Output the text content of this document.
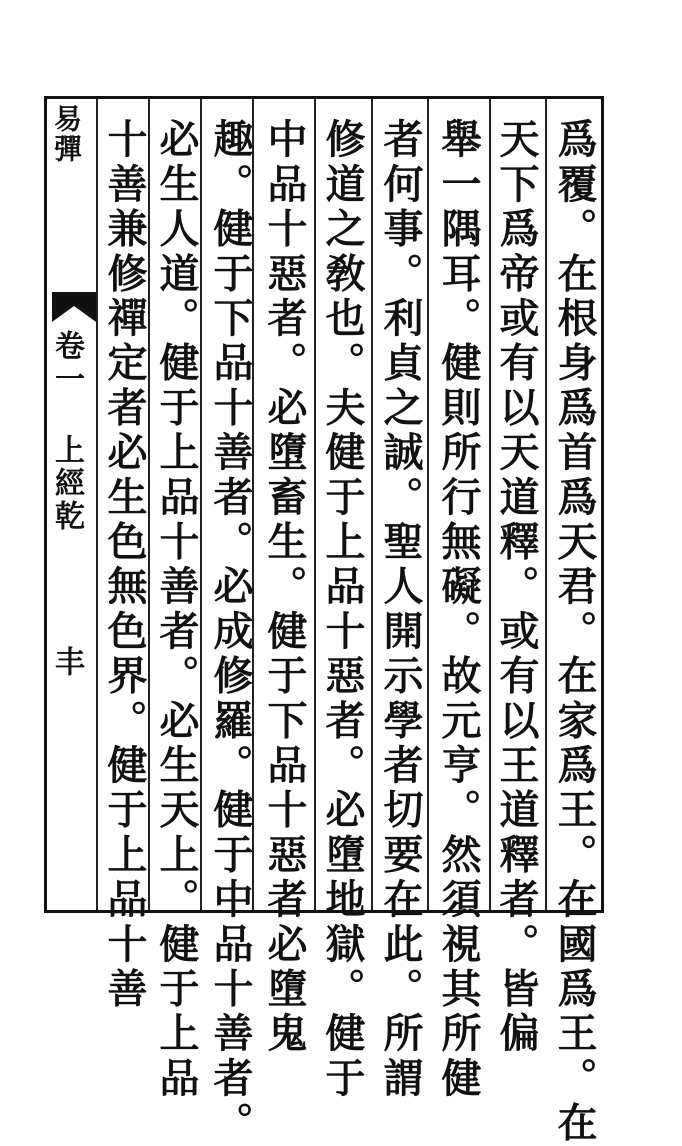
易彈
卷一 上經乾
丰	爲覆。在根身爲首爲天君。在家爲王。在國爲王。在
天下爲帝或有以天道釋。或有以王道釋者。皆偏
舉一隅耳。健則所行無礙。故元亨。然須視其所健
者何事。利貞之誠。聖人開示學者切要在此。所謂
修道之敎也。夫健于上品十惡者。必墮地獄。健于
中品十惡者。必墮畜生。健于下品十惡者必墮鬼
趣。健于下品十善者。必成修羅。健于中品十善者。
必生人道。健于上品十善者。必生天上。健于上品
十善兼修禪定者必生色無色界。健于上品十善
